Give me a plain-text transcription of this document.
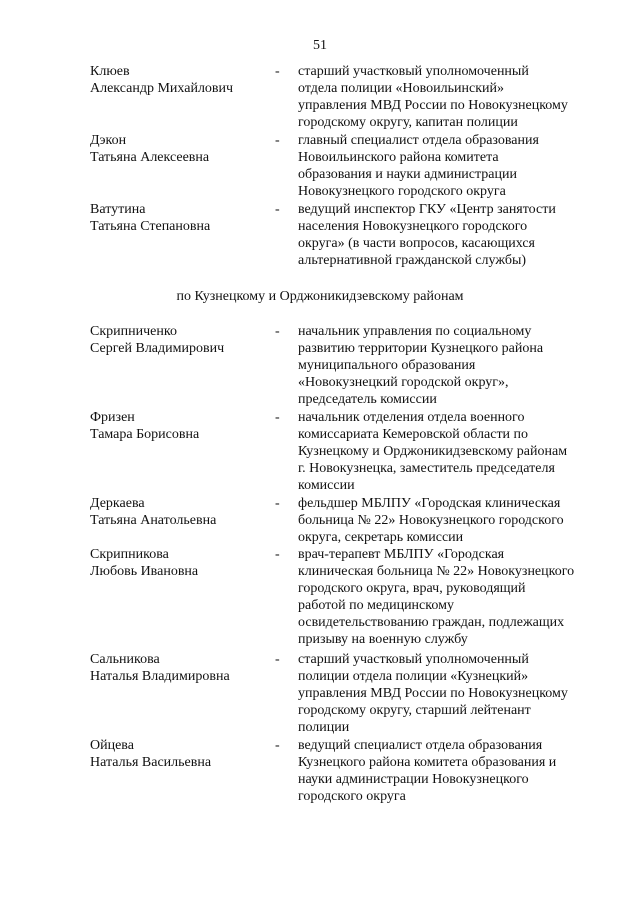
51
Клюев
Александр Михайлович
-	старший участковый уполномоченный
отдела полиции «Новоильинский»
управления МВД России по Новокузнецкому
городскому округу, капитан полиции
Дэкон
Татьяна Алексеевна
-	главный специалист отдела образования
Новоильинского района комитета
образования и науки администрации
Новокузнецкого городского округа
Ватутина
Татьяна Степановна
-	ведущий инспектор ГКУ «Центр занятости
населения Новокузнецкого городского
округа» (в части вопросов, касающихся
альтернативной гражданской службы)
по Кузнецкому и Орджоникидзевскому районам
Скрипниченко
Сергей Владимирович
-	начальник управления по социальному
развитию территории Кузнецкого района
муниципального образования
«Новокузнецкий городской округ»,
председатель комиссии
Фризен
Тамара Борисовна
-	начальник отделения отдела военного
комиссариата Кемеровской области по
Кузнецкому и Орджоникидзевскому районам
г. Новокузнецка, заместитель председателя
комиссии
Деркаева
Татьяна Анатольевна
-	фельдшер МБЛПУ «Городская клиническая
больница № 22» Новокузнецкого городского
округа, секретарь комиссии
Скрипникова
Любовь Ивановна
-	врач-терапевт МБЛПУ «Городская
клиническая больница № 22» Новокузнецкого
городского округа, врач, руководящий
работой по медицинскому
освидетельствованию граждан, подлежащих
призыву на военную службу
Сальникова
Наталья Владимировна
-	старший участковый уполномоченный
полиции отдела полиции «Кузнецкий»
управления МВД России по Новокузнецкому
городскому округу, старший лейтенант
полиции
Ойцева
Наталья Васильевна
-	ведущий специалист отдела образования
Кузнецкого района комитета образования и
науки администрации Новокузнецкого
городского округа
